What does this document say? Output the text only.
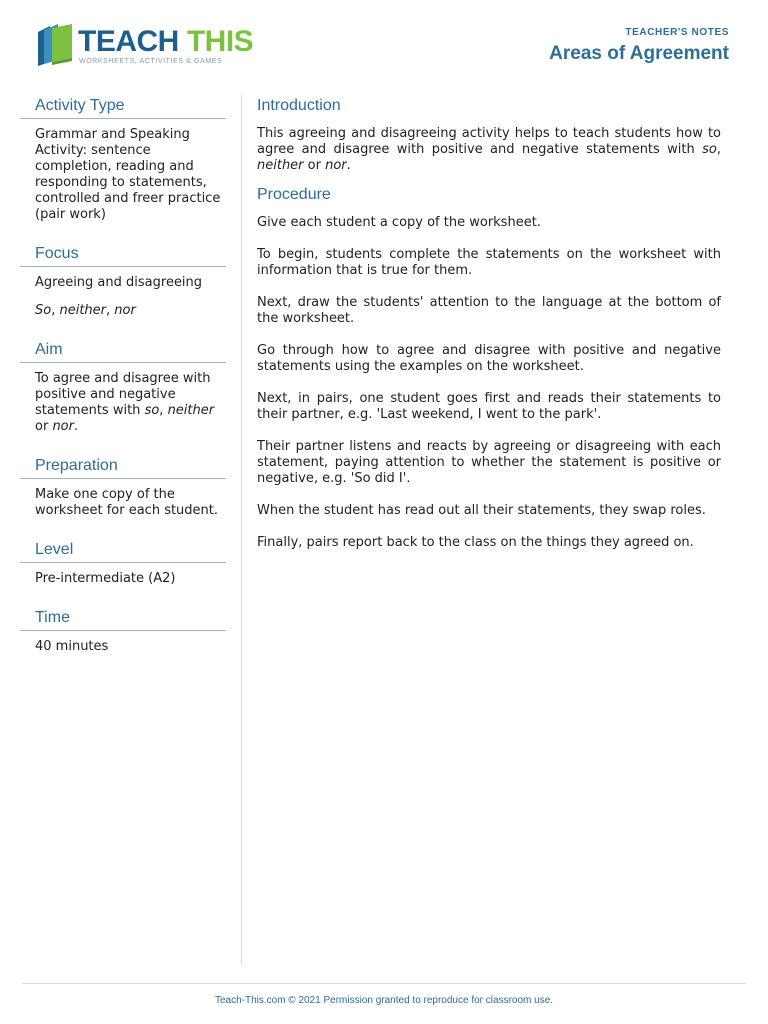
TEACH THIS
WORKSHEETS, ACTIVITIES & GAMES
TEACHER'S NOTES
Areas of Agreement
Activity Type

Grammar and Speaking Activity: sentence completion, reading and responding to statements, controlled and freer practice (pair work)

Focus

Agreeing and disagreeing

So, neither, nor

Aim

To agree and disagree with positive and negative statements with so, neither or nor.

Preparation

Make one copy of the worksheet for each student.

Level

Pre-intermediate (A2)

Time

40 minutes

Introduction

This agreeing and disagreeing activity helps to teach students how to agree and disagree with positive and negative statements with so, neither or nor.

Procedure

Give each student a copy of the worksheet.

To begin, students complete the statements on the worksheet with information that is true for them.

Next, draw the students' attention to the language at the bottom of the worksheet.

Go through how to agree and disagree with positive and negative statements using the examples on the worksheet.

Next, in pairs, one student goes first and reads their statements to their partner, e.g. 'Last weekend, I went to the park'.

Their partner listens and reacts by agreeing or disagreeing with each statement, paying attention to whether the statement is positive or negative, e.g. 'So did I'.

When the student has read out all their statements, they swap roles.

Finally, pairs report back to the class on the things they agreed on.

Teach-This.com © 2021 Permission granted to reproduce for classroom use.
